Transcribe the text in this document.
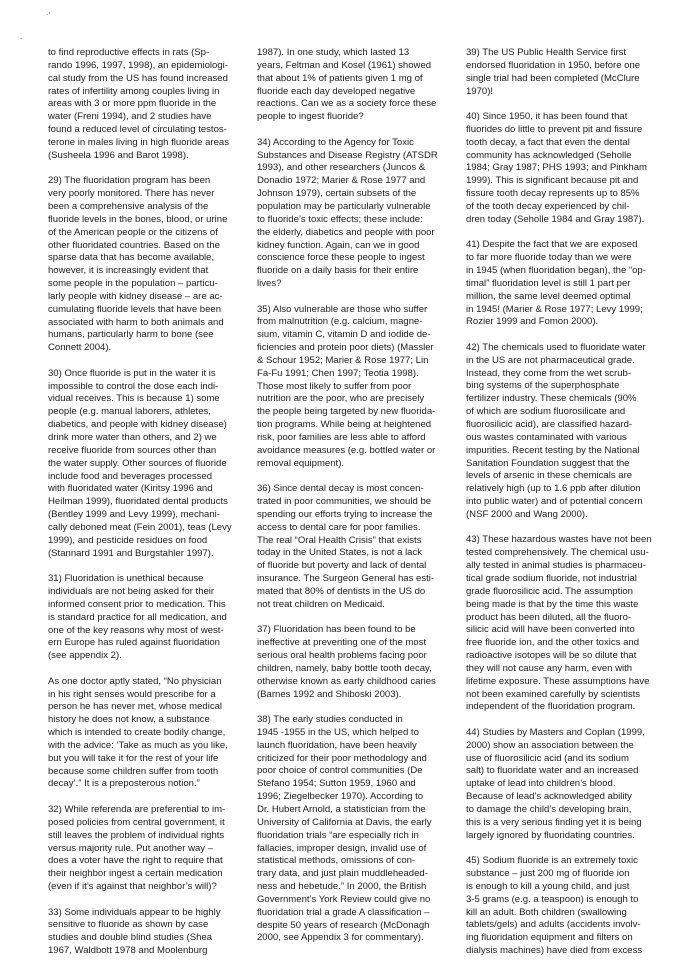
·'
·

to find reproductive effects in rats (Sp-
rando 1996, 1997, 1998), an epidemiologi-
cal study from the US has found increased
rates of infertility among couples living in
areas with 3 or more ppm fluoride in the
water (Freni 1994), and 2 studies have
found a reduced level of circulating testos-
terone in males living in high fluoride areas
(Susheela 1996 and Barot 1998).

29) The fluoridation program has been
very poorly monitored. There has never
been a comprehensive analysis of the
fluoride levels in the bones, blood, or urine
of the American people or the citizens of
other fluoridated countries. Based on the
sparse data that has become available,
however, it is increasingly evident that
some people in the population – particu-
larly people with kidney disease – are ac-
cumulating fluoride levels that have been
associated with harm to both animals and
humans, particularly harm to bone (see
Connett 2004).

30) Once fluoride is put in the water it is
impossible to control the dose each indi-
vidual receives. This is because 1) some
people (e.g. manual laborers, athletes,
diabetics, and people with kidney disease)
drink more water than others, and 2) we
receive fluoride from sources other than
the water supply. Other sources of fluoride
include food and beverages processed
with fluoridated water (Kiritsy 1996 and
Heilman 1999), fluoridated dental products
(Bentley 1999 and Levy 1999), mechani-
cally deboned meat (Fein 2001), teas (Levy
1999), and pesticide residues on food
(Stannard 1991 and Burgstahler 1997).

31) Fluoridation is unethical because
individuals are not being asked for their
informed consent prior to medication. This
is standard practice for all medication, and
one of the key reasons why most of west-
ern Europe has ruled against fluoridation
(see appendix 2).

As one doctor aptly stated, “No physician
in his right senses would prescribe for a
person he has never met, whose medical
history he does not know, a substance
which is intended to create bodily change,
with the advice: ‘Take as much as you like,
but you will take it for the rest of your life
because some children suffer from tooth
decay’.” It is a preposterous notion.”

32) While referenda are preferential to im-
posed policies from central government, it
still leaves the problem of individual rights
versus majority rule. Put another way –
does a voter have the right to require that
their neighbor ingest a certain medication
(even if it’s against that neighbor’s will)?

33) Some individuals appear to be highly
sensitive to fluoride as shown by case
studies and double blind studies (Shea
1967, Waldbott 1978 and Moolenburg

1987). In one study, which lasted 13
years, Feltman and Kosel (1961) showed
that about 1% of patients given 1 mg of
fluoride each day developed negative
reactions. Can we as a society force these
people to ingest fluoride?

34) According to the Agency for Toxic
Substances and Disease Registry (ATSDR
1993), and other researchers (Juncos &
Donadio 1972; Marier & Rose 1977 and
Johnson 1979), certain subsets of the
population may be particularly vulnerable
to fluoride’s toxic effects; these include:
the elderly, diabetics and people with poor
kidney function. Again, can we in good
conscience force these people to ingest
fluoride on a daily basis for their entire
lives?

35) Also vulnerable are those who suffer
from malnutrition (e.g. calcium, magne-
sium, vitamin C, vitamin D and iodide de-
ficiencies and protein poor diets) (Massler
& Schour 1952; Marier & Rose 1977; Lin
Fa-Fu 1991; Chen 1997; Teotia 1998).
Those most likely to suffer from poor
nutrition are the poor, who are precisely
the people being targeted by new fluorida-
tion programs. While being at heightened
risk, poor families are less able to afford
avoidance measures (e.g. bottled water or
removal equipment).

36) Since dental decay is most concen-
trated in poor communities, we should be
spending our efforts trying to increase the
access to dental care for poor families.
The real “Oral Health Crisis” that exists
today in the United States, is not a lack
of fluoride but poverty and lack of dental
insurance. The Surgeon General has esti-
mated that 80% of dentists in the US do
not treat children on Medicaid.

37) Fluoridation has been found to be
ineffective at preventing one of the most
serious oral health problems facing poor
children, namely, baby bottle tooth decay,
otherwise known as early childhood caries
(Barnes 1992 and Shiboski 2003).

38) The early studies conducted in
1945 -1955 in the US, which helped to
launch fluoridation, have been heavily
criticized for their poor methodology and
poor choice of control communities (De
Stefano 1954; Sutton 1959, 1960 and
1996; Ziegelbecker 1970). According to
Dr. Hubert Arnold, a statistician from the
University of California at Davis, the early
fluoridation trials “are especially rich in
fallacies, improper design, invalid use of
statistical methods, omissions of con-
trary data, and just plain muddleheaded-
ness and hebetude.” In 2000, the British
Government’s York Review could give no
fluoridation trial a grade A classification –
despite 50 years of research (McDonagh
2000, see Appendix 3 for commentary).

39) The US Public Health Service first
endorsed fluoridation in 1950, before one
single trial had been completed (McClure
1970)!

40) Since 1950, it has been found that
fluorides do little to prevent pit and fissure
tooth decay, a fact that even the dental
community has acknowledged (Seholle
1984; Gray 1987; PHS 1993; and Pinkham
1999). This is significant because pit and
fissure tooth decay represents up to 85%
of the tooth decay experienced by chil-
dren today (Seholle 1984 and Gray 1987).

41) Despite the fact that we are exposed
to far more fluoride today than we were
in 1945 (when fluoridation began), the “op-
timal” fluoridation level is still 1 part per
million, the same level deemed optimal
in 1945! (Marier & Rose 1977; Levy 1999;
Rozier 1999 and Fomon 2000).

42) The chemicals used to fluoridate water
in the US are not pharmaceutical grade.
Instead, they come from the wet scrub-
bing systems of the superphosphate
fertilizer industry. These chemicals (90%
of which are sodium fluorosilicate and
fluorosilicic acid), are classified hazard-
ous wastes contaminated with various
impurities. Recent testing by the National
Sanitation Foundation suggest that the
levels of arsenic in these chemicals are
relatively high (up to 1.6 ppb after dilution
into public water) and of potential concern
(NSF 2000 and Wang 2000).

43) These hazardous wastes have not been
tested comprehensively. The chemical usu-
ally tested in animal studies is pharmaceu-
tical grade sodium fluoride, not industrial
grade fluorosilicic acid. The assumption
being made is that by the time this waste
product has been diluted, all the fluoro-
silicic acid will have been converted into
free fluoride ion, and the other toxics and
radioactive isotopes will be so dilute that
they will not cause any harm, even with
lifetime exposure. These assumptions have
not been examined carefully by scientists
independent of the fluoridation program.

44) Studies by Masters and Coplan (1999,
2000) show an association between the
use of fluorosilicic acid (and its sodium
salt) to fluoridate water and an increased
uptake of lead into children’s blood.
Because of lead’s acknowledged ability
to damage the child’s developing brain,
this is a very serious finding yet it is being
largely ignored by fluoridating countries.

45) Sodium fluoride is an extremely toxic
substance – just 200 mg of fluoride ion
is enough to kill a young child, and just
3-5 grams (e.g. a teaspoon) is enough to
kill an adult. Both children (swallowing
tablets/gels) and adults (accidents involv-
ing fluoridation equipment and filters on
dialysis machines) have died from excess
